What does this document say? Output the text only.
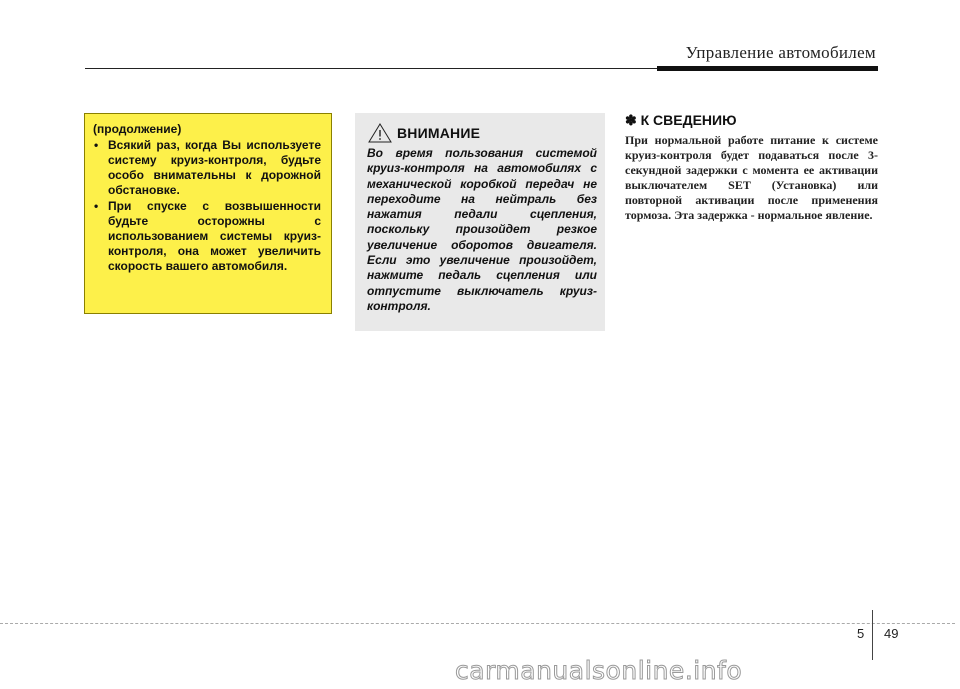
Управление автомобилем
(продолжение)
• Всякий раз, когда Вы используете систему круиз-контроля, будьте особо внимательны к дорожной обстановке.
• При спуске с возвышенности будьте осторожны с использованием системы круиз-контроля, она может увеличить скорость вашего автомобиля.
ВНИМАНИЕ
Во время пользования системой круиз-контроля на автомобилях с механической коробкой передач не переходите на нейтраль без нажатия педали сцепления, поскольку произойдет резкое увеличение оборотов двигателя. Если это увеличение произойдет, нажмите педаль сцепления или отпустите выключатель круиз-контроля.
✽ К СВЕДЕНИЮ
При нормальной работе питание к системе круиз-контроля будет подаваться после 3-секундной задержки с момента ее активации выключателем SET (Установка) или повторной активации после применения тормоза. Эта задержка - нормальное явление.
5 49
carmanualsonline.info
